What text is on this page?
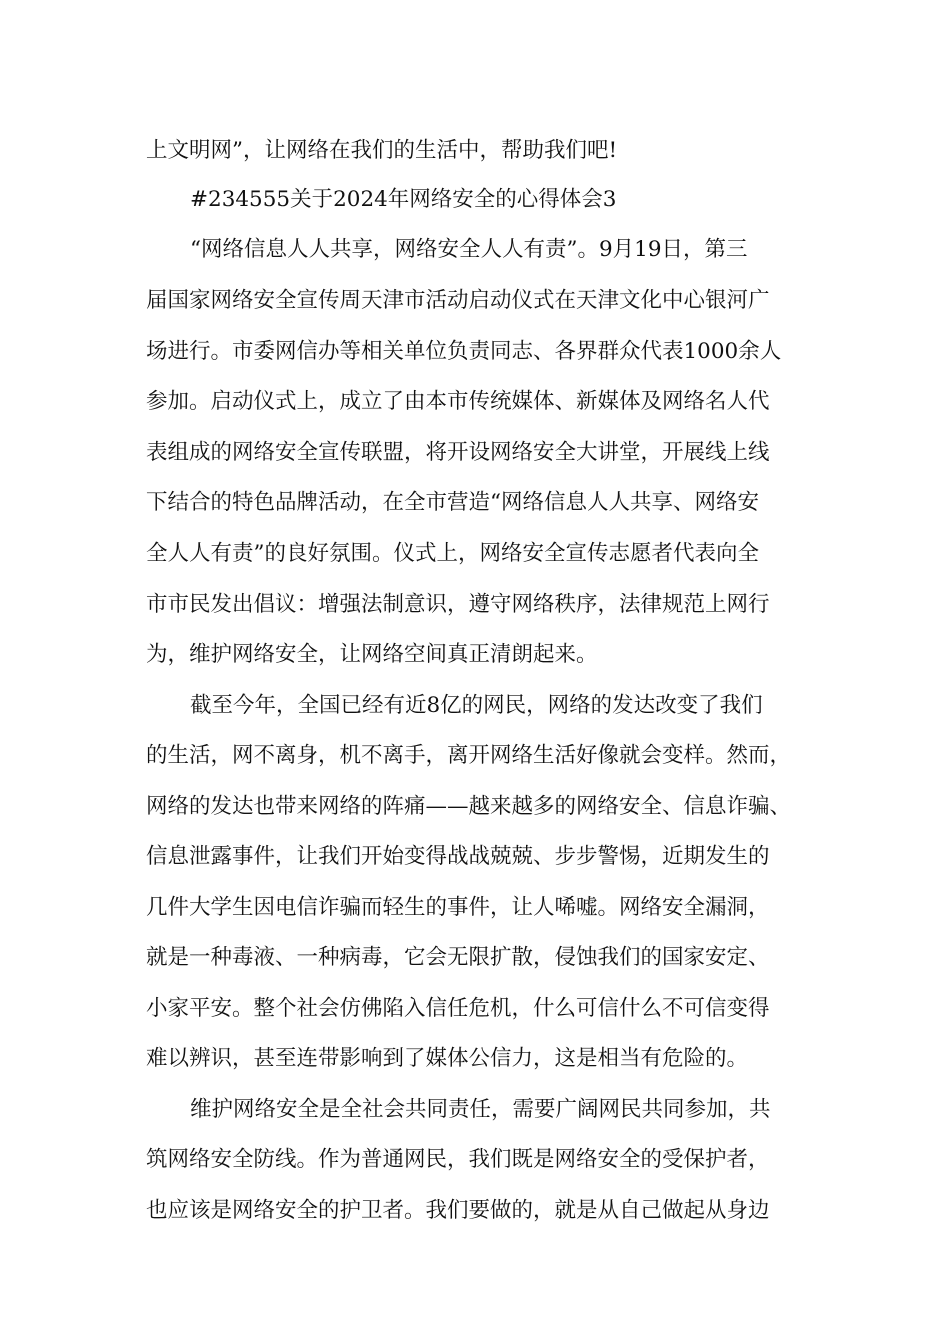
上文明网”，让网络在我们的生活中，帮助我们吧!
#234555关于2024年网络安全的心得体会3
“网络信息人人共享，网络安全人人有责”。9月19日，第三
届国家网络安全宣传周天津市活动启动仪式在天津文化中心银河广
场进行。市委网信办等相关单位负责同志、各界群众代表1000余人
参加。启动仪式上，成立了由本市传统媒体、新媒体及网络名人代
表组成的网络安全宣传联盟，将开设网络安全大讲堂，开展线上线
下结合的特色品牌活动，在全市营造“网络信息人人共享、网络安
全人人有责”的良好氛围。仪式上，网络安全宣传志愿者代表向全
市市民发出倡议：增强法制意识，遵守网络秩序，法律规范上网行
为，维护网络安全，让网络空间真正清朗起来。
截至今年，全国已经有近8亿的网民，网络的发达改变了我们
的生活，网不离身，机不离手，离开网络生活好像就会变样。然而，
网络的发达也带来网络的阵痛——越来越多的网络安全、信息诈骗、
信息泄露事件，让我们开始变得战战兢兢、步步警惕，近期发生的
几件大学生因电信诈骗而轻生的事件，让人唏嘘。网络安全漏洞，
就是一种毒液、一种病毒，它会无限扩散，侵蚀我们的国家安定、
小家平安。整个社会仿佛陷入信任危机，什么可信什么不可信变得
难以辨识，甚至连带影响到了媒体公信力，这是相当有危险的。
维护网络安全是全社会共同责任，需要广阔网民共同参加，共
筑网络安全防线。作为普通网民，我们既是网络安全的受保护者，
也应该是网络安全的护卫者。我们要做的，就是从自己做起从身边
